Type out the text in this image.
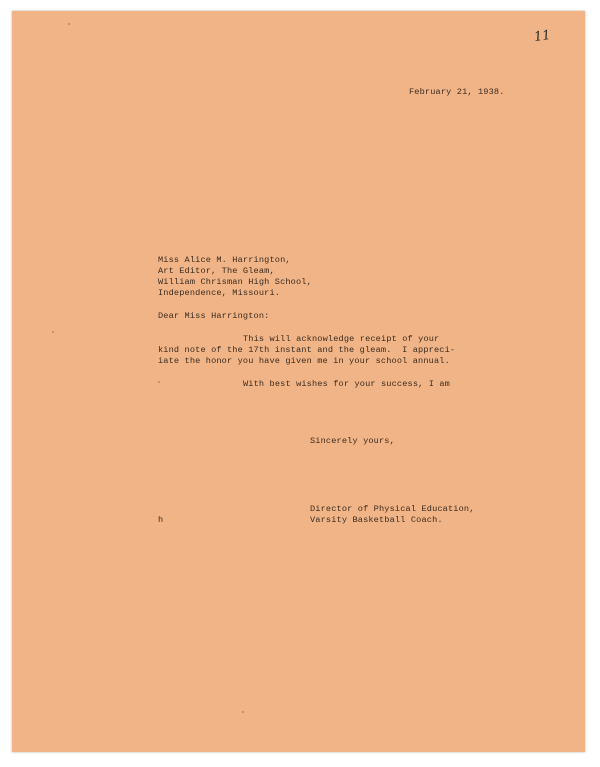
11
February 21, 1938.
Miss Alice M. Harrington,
Art Editor, The Gleam,
William Chrisman High School,
Independence, Missouri.
Dear Miss Harrington:
This will acknowledge receipt of your
kind note of the 17th instant and the gleam.  I appreci-
iate the honor you have given me in your school annual.
With best wishes for your success, I am
Sincerely yours,
Director of Physical Education,
Varsity Basketball Coach.
h
